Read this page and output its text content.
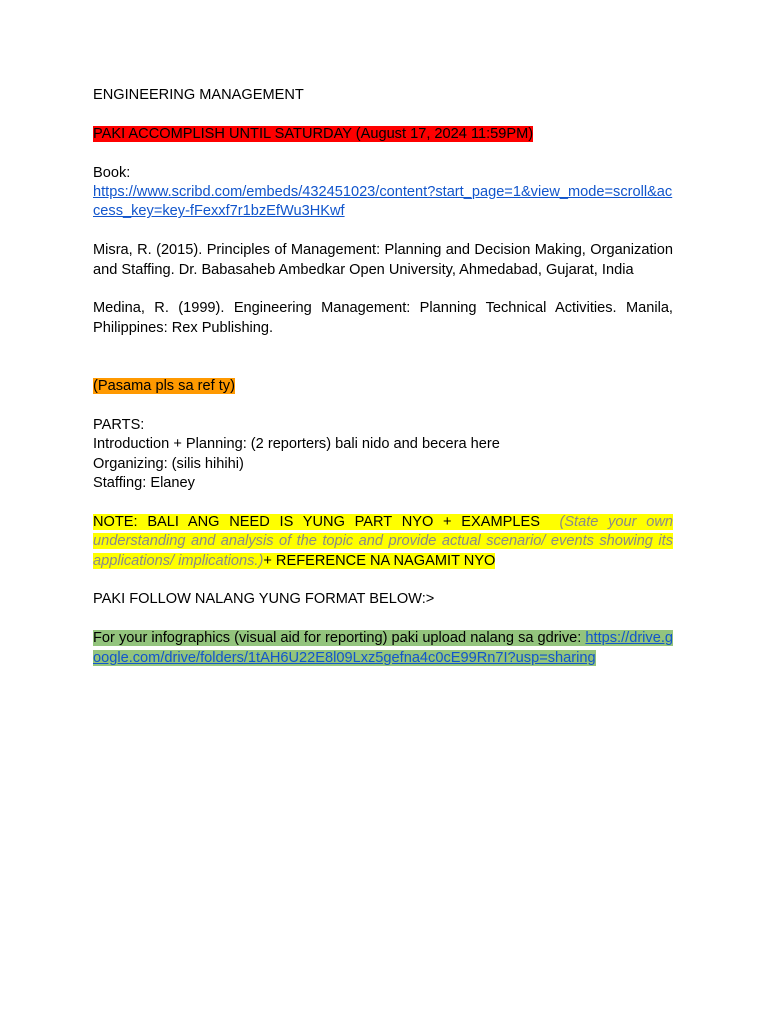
ENGINEERING MANAGEMENT

PAKI ACCOMPLISH UNTIL SATURDAY (August 17, 2024 11:59PM)

Book:
https://www.scribd.com/embeds/432451023/content?start_page=1&view_mode=scroll&access_key=key-fFexxf7r1bzEfWu3HKwf

Misra, R. (2015). Principles of Management: Planning and Decision Making, Organization and Staffing. Dr. Babasaheb Ambedkar Open University, Ahmedabad, Gujarat, India

Medina, R. (1999). Engineering Management: Planning Technical Activities. Manila, Philippines: Rex Publishing.

(Pasama pls sa ref ty)

PARTS:
Introduction + Planning: (2 reporters) bali nido and becera here
Organizing: (silis hihihi)
Staffing: Elaney

NOTE: BALI ANG NEED IS YUNG PART NYO + EXAMPLES (State your own understanding and analysis of the topic and provide actual scenario/ events showing its applications/ implications.)+ REFERENCE NA NAGAMIT NYO

PAKI FOLLOW NALANG YUNG FORMAT BELOW:>

For your infographics (visual aid for reporting) paki upload nalang sa gdrive: https://drive.google.com/drive/folders/1tAH6U22E8l09Lxz5gefna4c0cE99Rn7I?usp=sharing
